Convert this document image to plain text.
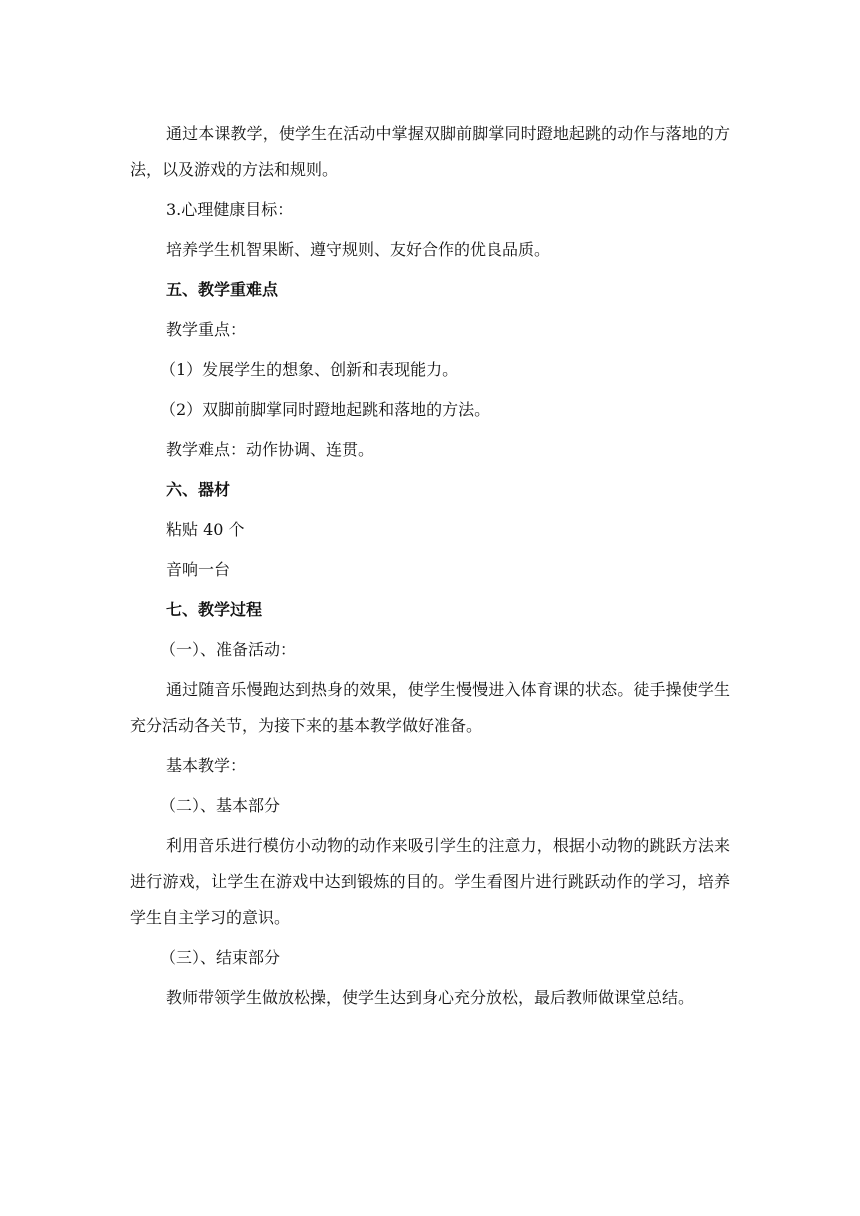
通过本课教学，使学生在活动中掌握双脚前脚掌同时蹬地起跳的动作与落地的方法，以及游戏的方法和规则。

3.心理健康目标：

培养学生机智果断、遵守规则、友好合作的优良品质。

五、教学重难点

教学重点：

（1）发展学生的想象、创新和表现能力。

（2）双脚前脚掌同时蹬地起跳和落地的方法。

教学难点：动作协调、连贯。

六、器材

粘贴 40 个

音响一台

七、教学过程

（一）、准备活动：

通过随音乐慢跑达到热身的效果，使学生慢慢进入体育课的状态。徒手操使学生充分活动各关节，为接下来的基本教学做好准备。

基本教学：

（二）、基本部分

利用音乐进行模仿小动物的动作来吸引学生的注意力，根据小动物的跳跃方法来进行游戏，让学生在游戏中达到锻炼的目的。学生看图片进行跳跃动作的学习，培养学生自主学习的意识。

（三）、结束部分

教师带领学生做放松操，使学生达到身心充分放松，最后教师做课堂总结。
